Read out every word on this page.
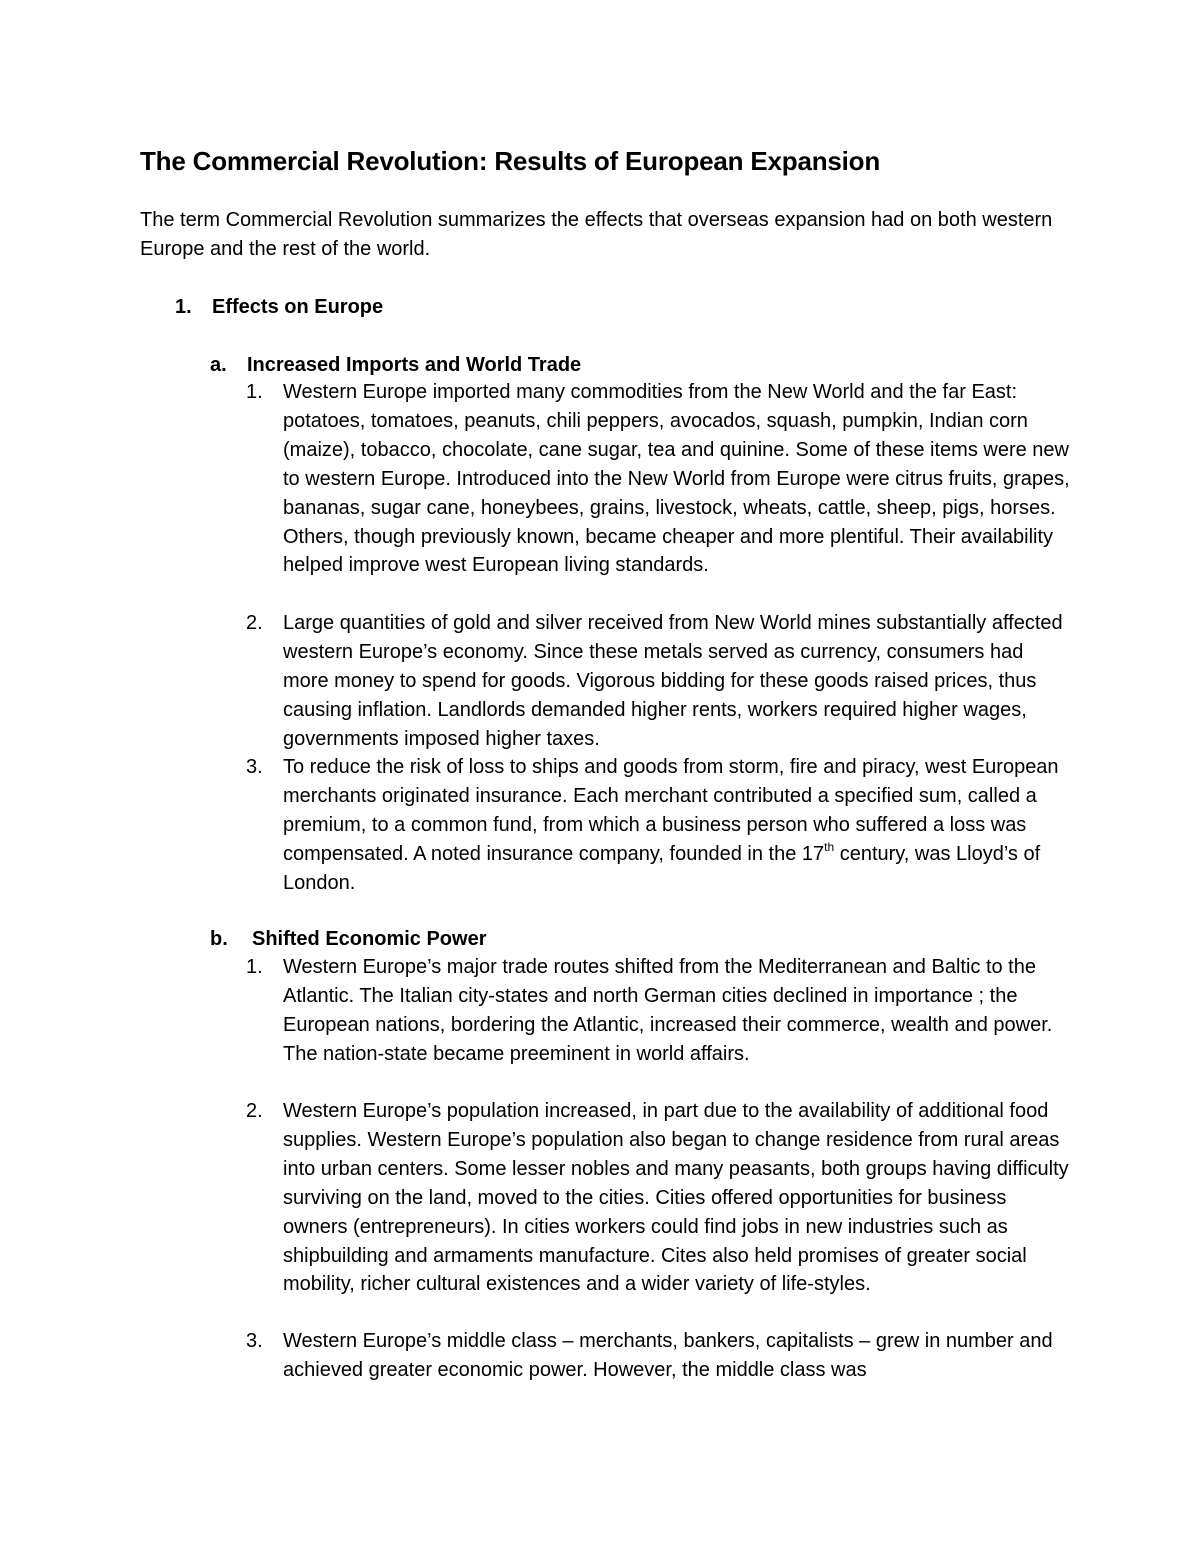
The Commercial Revolution: Results of European Expansion

The term Commercial Revolution summarizes the effects that overseas expansion had on both western Europe and the rest of the world.

1. Effects on Europe
a. Increased Imports and World Trade
1. Western Europe imported many commodities from the New World and the far East: potatoes, tomatoes, peanuts, chili peppers, avocados, squash, pumpkin, Indian corn (maize), tobacco, chocolate, cane sugar, tea and quinine. Some of these items were new to western Europe. Introduced into the New World from Europe were citrus fruits, grapes, bananas, sugar cane, honeybees, grains, livestock, wheats, cattle, sheep, pigs, horses. Others, though previously known, became cheaper and more plentiful. Their availability helped improve west European living standards.
2. Large quantities of gold and silver received from New World mines substantially affected western Europe’s economy. Since these metals served as currency, consumers had more money to spend for goods. Vigorous bidding for these goods raised prices, thus causing inflation. Landlords demanded higher rents, workers required higher wages, governments imposed higher taxes.
3. To reduce the risk of loss to ships and goods from storm, fire and piracy, west European merchants originated insurance. Each merchant contributed a specified sum, called a premium, to a common fund, from which a business person who suffered a loss was compensated. A noted insurance company, founded in the 17th century, was Lloyd’s of London.
b. Shifted Economic Power
1. Western Europe’s major trade routes shifted from the Mediterranean and Baltic to the Atlantic. The Italian city-states and north German cities declined in importance ; the European nations, bordering the Atlantic, increased their commerce, wealth and power. The nation-state became preeminent in world affairs.
2. Western Europe’s population increased, in part due to the availability of additional food supplies. Western Europe’s population also began to change residence from rural areas into urban centers. Some lesser nobles and many peasants, both groups having difficulty surviving on the land, moved to the cities. Cities offered opportunities for business owners (entrepreneurs). In cities workers could find jobs in new industries such as shipbuilding and armaments manufacture. Cites also held promises of greater social mobility, richer cultural existences and a wider variety of life-styles.
3. Western Europe’s middle class – merchants, bankers, capitalists – grew in number and achieved greater economic power. However, the middle class was
